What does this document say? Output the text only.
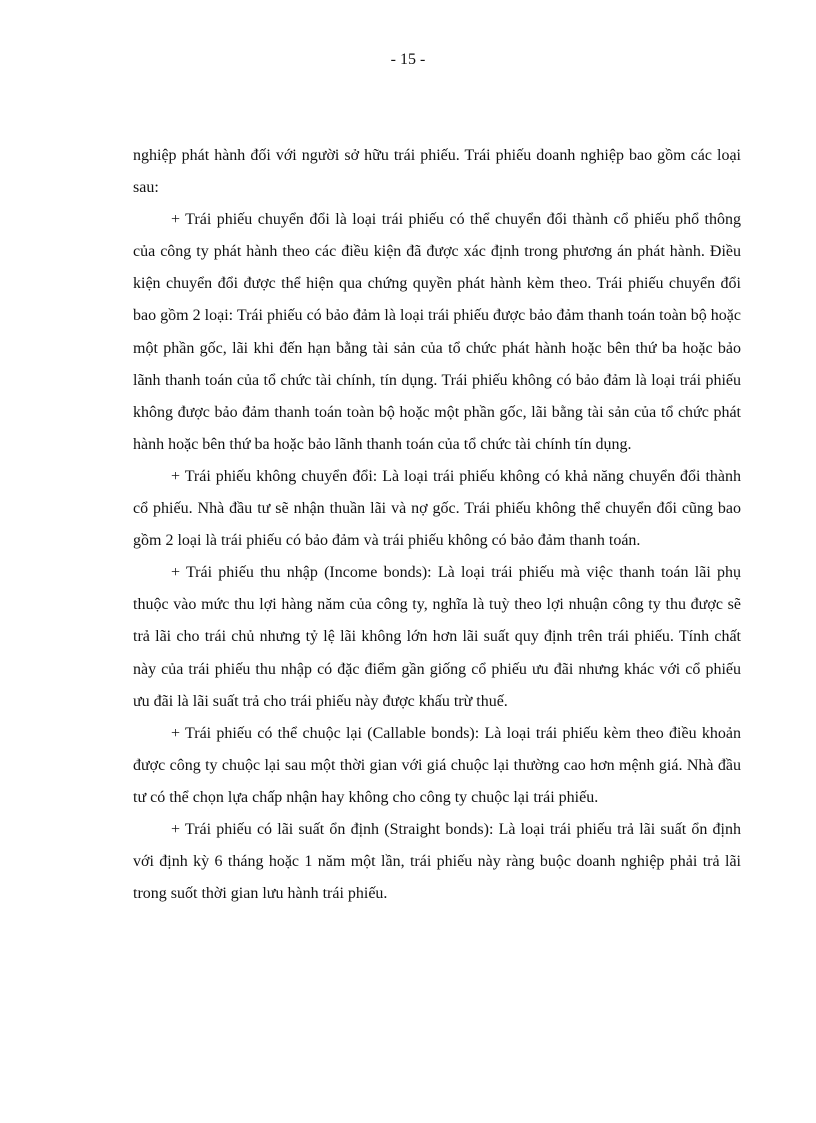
- 15 -

nghiệp phát hành đối với người sở hữu trái phiếu. Trái phiếu doanh nghiệp bao gồm các loại sau:

+ Trái phiếu chuyển đổi là loại trái phiếu có thể chuyển đổi thành cổ phiếu phổ thông của công ty phát hành theo các điều kiện đã được xác định trong phương án phát hành. Điều kiện chuyển đổi được thể hiện qua chứng quyền phát hành kèm theo. Trái phiếu chuyển đổi bao gồm 2 loại: Trái phiếu có bảo đảm là loại trái phiếu được bảo đảm thanh toán toàn bộ hoặc một phần gốc, lãi khi đến hạn bằng tài sản của tổ chức phát hành hoặc bên thứ ba hoặc bảo lãnh thanh toán của tổ chức tài chính, tín dụng. Trái phiếu không có bảo đảm là loại trái phiếu không được bảo đảm thanh toán toàn bộ hoặc một phần gốc, lãi bằng tài sản của tổ chức phát hành hoặc bên thứ ba hoặc bảo lãnh thanh toán của tổ chức tài chính tín dụng.

+ Trái phiếu không chuyển đổi: Là loại trái phiếu không có khả năng chuyển đổi thành cổ phiếu. Nhà đầu tư sẽ nhận thuần lãi và nợ gốc. Trái phiếu không thể chuyển đổi cũng bao gồm 2 loại là trái phiếu có bảo đảm và trái phiếu không có bảo đảm thanh toán.

+ Trái phiếu thu nhập (Income bonds): Là loại trái phiếu mà việc thanh toán lãi phụ thuộc vào mức thu lợi hàng năm của công ty, nghĩa là tuỳ theo lợi nhuận công ty thu được sẽ trả lãi cho trái chủ nhưng tỷ lệ lãi không lớn hơn lãi suất quy định trên trái phiếu. Tính chất này của trái phiếu thu nhập có đặc điểm gần giống cổ phiếu ưu đãi nhưng khác với cổ phiếu ưu đãi là lãi suất trả cho trái phiếu này được khấu trừ thuế.

+ Trái phiếu có thể chuộc lại (Callable bonds): Là loại trái phiếu kèm theo điều khoản được công ty chuộc lại sau một thời gian với giá chuộc lại thường cao hơn mệnh giá. Nhà đầu tư có thể chọn lựa chấp nhận hay không cho công ty chuộc lại trái phiếu.

+ Trái phiếu có lãi suất ổn định (Straight bonds): Là loại trái phiếu trả lãi suất ổn định với định kỳ 6 tháng hoặc 1 năm một lần, trái phiếu này ràng buộc doanh nghiệp phải trả lãi trong suốt thời gian lưu hành trái phiếu.
